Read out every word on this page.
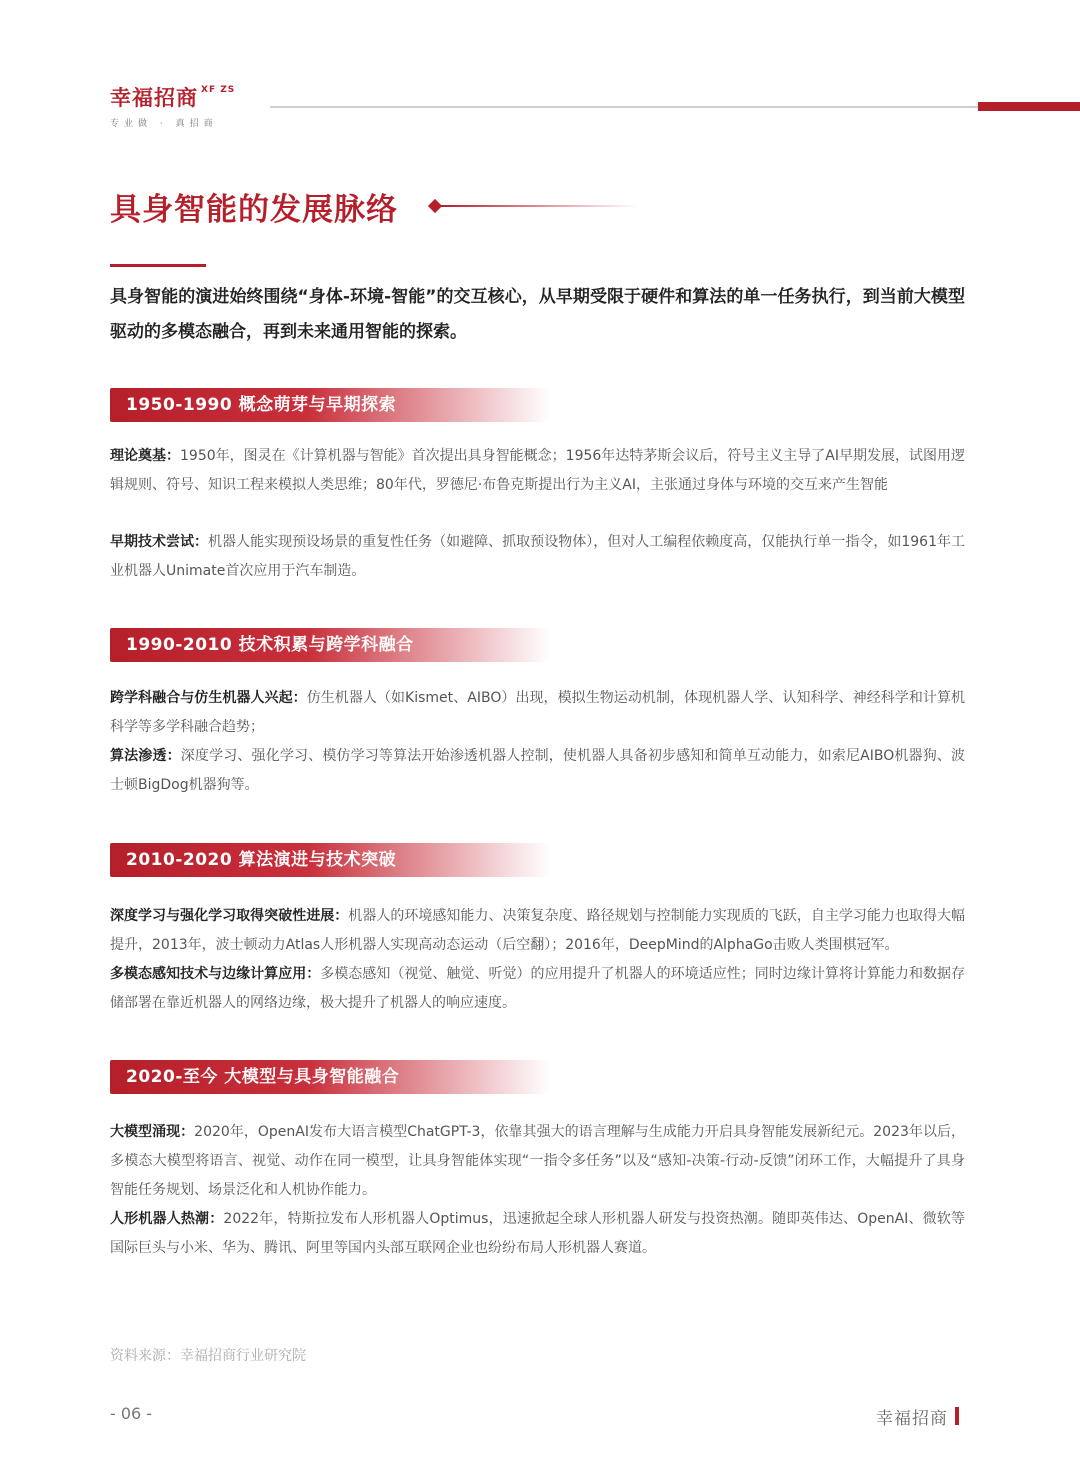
幸福招商 XF ZS
专业做 · 真招商
具身智能的发展脉络

具身智能的演进始终围绕“身体-环境-智能”的交互核心，从早期受限于硬件和算法的单一任务执行，到当前大模型驱动的多模态融合，再到未来通用智能的探索。

1950-1990 概念萌芽与早期探索

理论奠基：1950年，图灵在《计算机器与智能》首次提出具身智能概念；1956年达特茅斯会议后，符号主义主导了AI早期发展，试图用逻辑规则、符号、知识工程来模拟人类思维；80年代，罗德尼·布鲁克斯提出行为主义AI，主张通过身体与环境的交互来产生智能

早期技术尝试：机器人能实现预设场景的重复性任务（如避障、抓取预设物体），但对人工编程依赖度高，仅能执行单一指令，如1961年工业机器人Unimate首次应用于汽车制造。

1990-2010 技术积累与跨学科融合

跨学科融合与仿生机器人兴起：仿生机器人（如Kismet、AIBO）出现，模拟生物运动机制，体现机器人学、认知科学、神经科学和计算机科学等多学科融合趋势；

算法渗透：深度学习、强化学习、模仿学习等算法开始渗透机器人控制，使机器人具备初步感知和简单互动能力，如索尼AIBO机器狗、波士顿BigDog机器狗等。

2010-2020 算法演进与技术突破

深度学习与强化学习取得突破性进展：机器人的环境感知能力、决策复杂度、路径规划与控制能力实现质的飞跃，自主学习能力也取得大幅提升，2013年，波士顿动力Atlas人形机器人实现高动态运动（后空翻）；2016年，DeepMind的AlphaGo击败人类围棋冠军。

多模态感知技术与边缘计算应用：多模态感知（视觉、触觉、听觉）的应用提升了机器人的环境适应性；同时边缘计算将计算能力和数据存储部署在靠近机器人的网络边缘，极大提升了机器人的响应速度。

2020-至今 大模型与具身智能融合

大模型涌现：2020年，OpenAI发布大语言模型ChatGPT-3，依靠其强大的语言理解与生成能力开启具身智能发展新纪元。2023年以后，多模态大模型将语言、视觉、动作在同一模型，让具身智能体实现“一指令多任务”以及“感知-决策-行动-反馈”闭环工作，大幅提升了具身智能任务规划、场景泛化和人机协作能力。

人形机器人热潮：2022年，特斯拉发布人形机器人Optimus，迅速掀起全球人形机器人研发与投资热潮。随即英伟达、OpenAI、微软等国际巨头与小米、华为、腾讯、阿里等国内头部互联网企业也纷纷布局人形机器人赛道。

资料来源：幸福招商行业研究院
- 06 -	幸福招商
